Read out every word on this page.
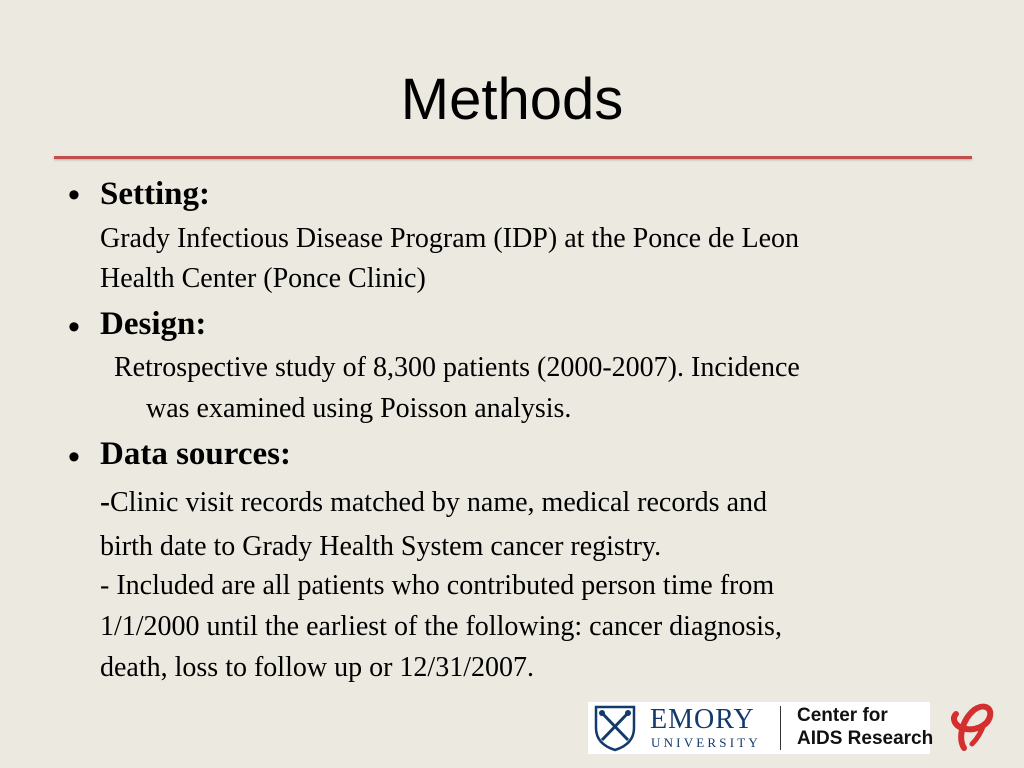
Methods
• Setting:
Grady Infectious Disease Program (IDP) at the Ponce de Leon
Health Center (Ponce Clinic)
• Design:
Retrospective study of 8,300 patients (2000-2007). Incidence
was examined using Poisson analysis.
• Data sources:
-Clinic visit records matched by name, medical records and
birth date to Grady Health System cancer registry.
- Included are all patients who contributed person time from
1/1/2000 until the earliest of the following: cancer diagnosis,
death, loss to follow up or 12/31/2007.
EMORY
UNIVERSITY
Center for
AIDS Research
